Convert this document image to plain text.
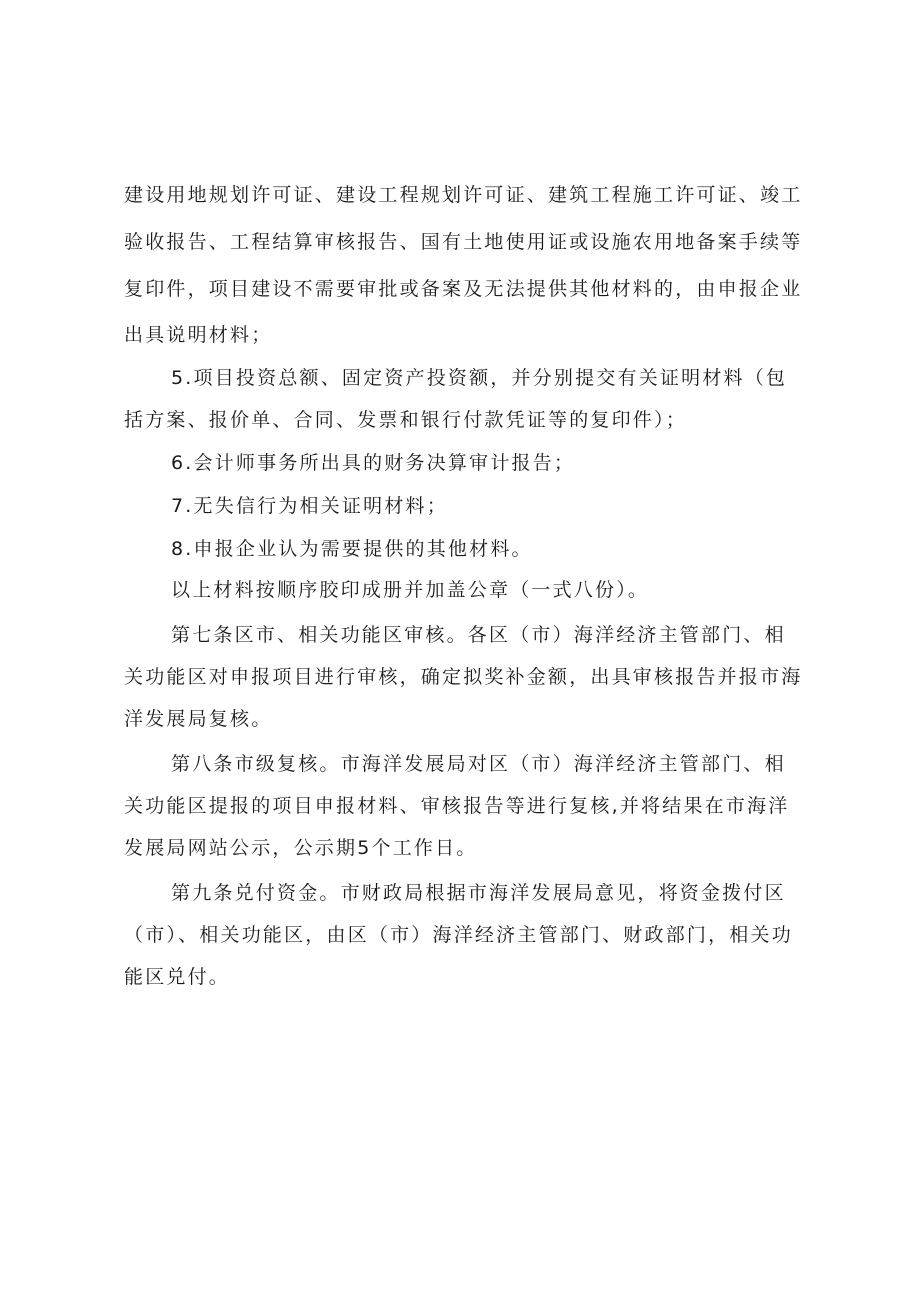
建设用地规划许可证、建设工程规划许可证、建筑工程施工许可证、竣工
验收报告、工程结算审核报告、国有土地使用证或设施农用地备案手续等
复印件，项目建设不需要审批或备案及无法提供其他材料的，由申报企业
出具说明材料；
5.项目投资总额、固定资产投资额，并分别提交有关证明材料（包
括方案、报价单、合同、发票和银行付款凭证等的复印件）；
6.会计师事务所出具的财务决算审计报告；
7.无失信行为相关证明材料；
8.申报企业认为需要提供的其他材料。
以上材料按顺序胶印成册并加盖公章（一式八份）。
第七条区市、相关功能区审核。各区（市）海洋经济主管部门、相
关功能区对申报项目进行审核，确定拟奖补金额，出具审核报告并报市海
洋发展局复核。
第八条市级复核。市海洋发展局对区（市）海洋经济主管部门、相
关功能区提报的项目申报材料、审核报告等进行复核,并将结果在市海洋
发展局网站公示，公示期5个工作日。
第九条兑付资金。市财政局根据市海洋发展局意见，将资金拨付区
（市）、相关功能区，由区（市）海洋经济主管部门、财政部门，相关功
能区兑付。
